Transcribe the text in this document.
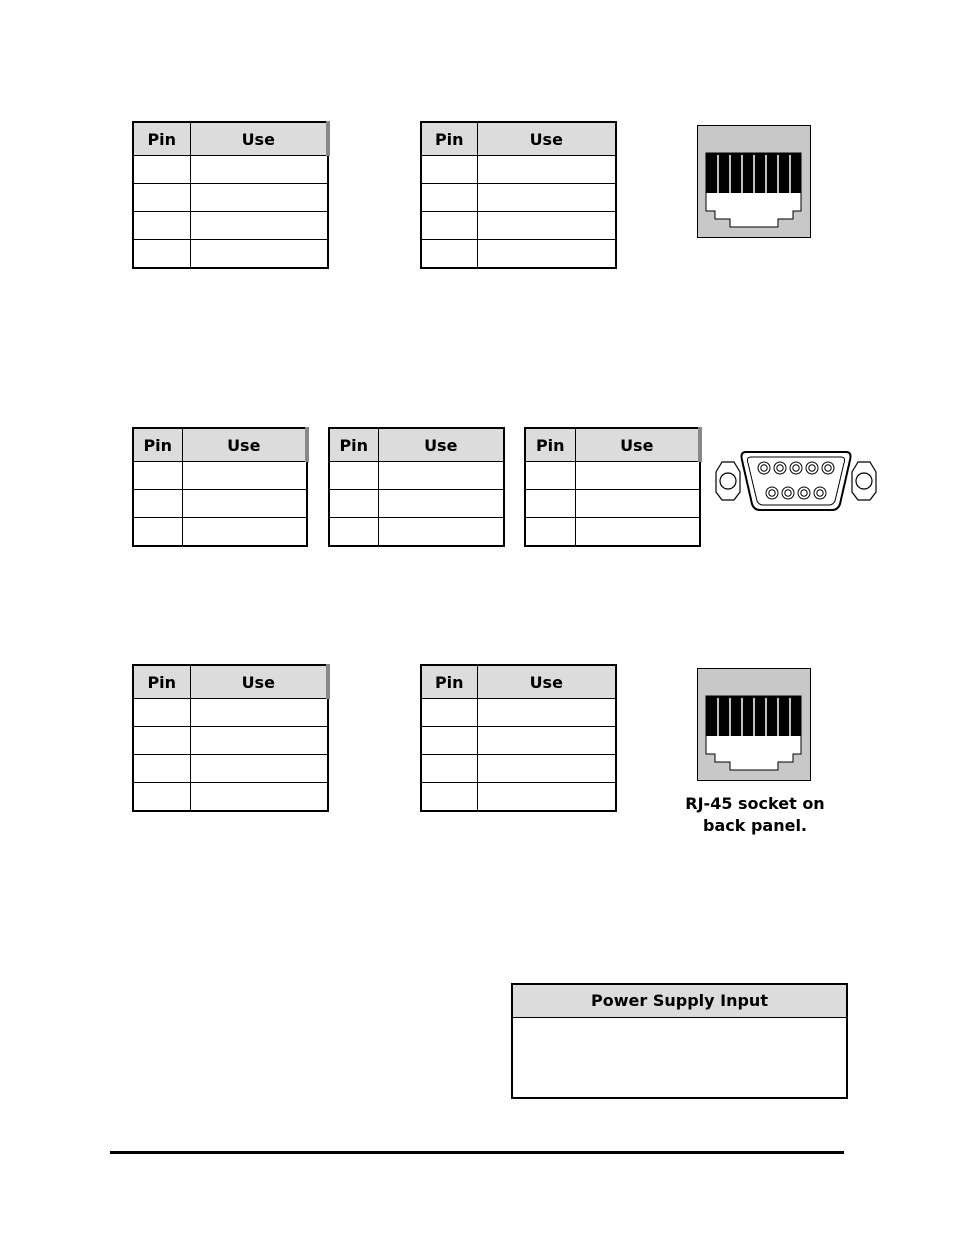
Pin	Use

		Pin	Use

Pin	Use

		Pin	Use

		Pin	Use

Pin	Use

		Pin	Use

RJ-45 socket on
back panel.
Power Supply Input
